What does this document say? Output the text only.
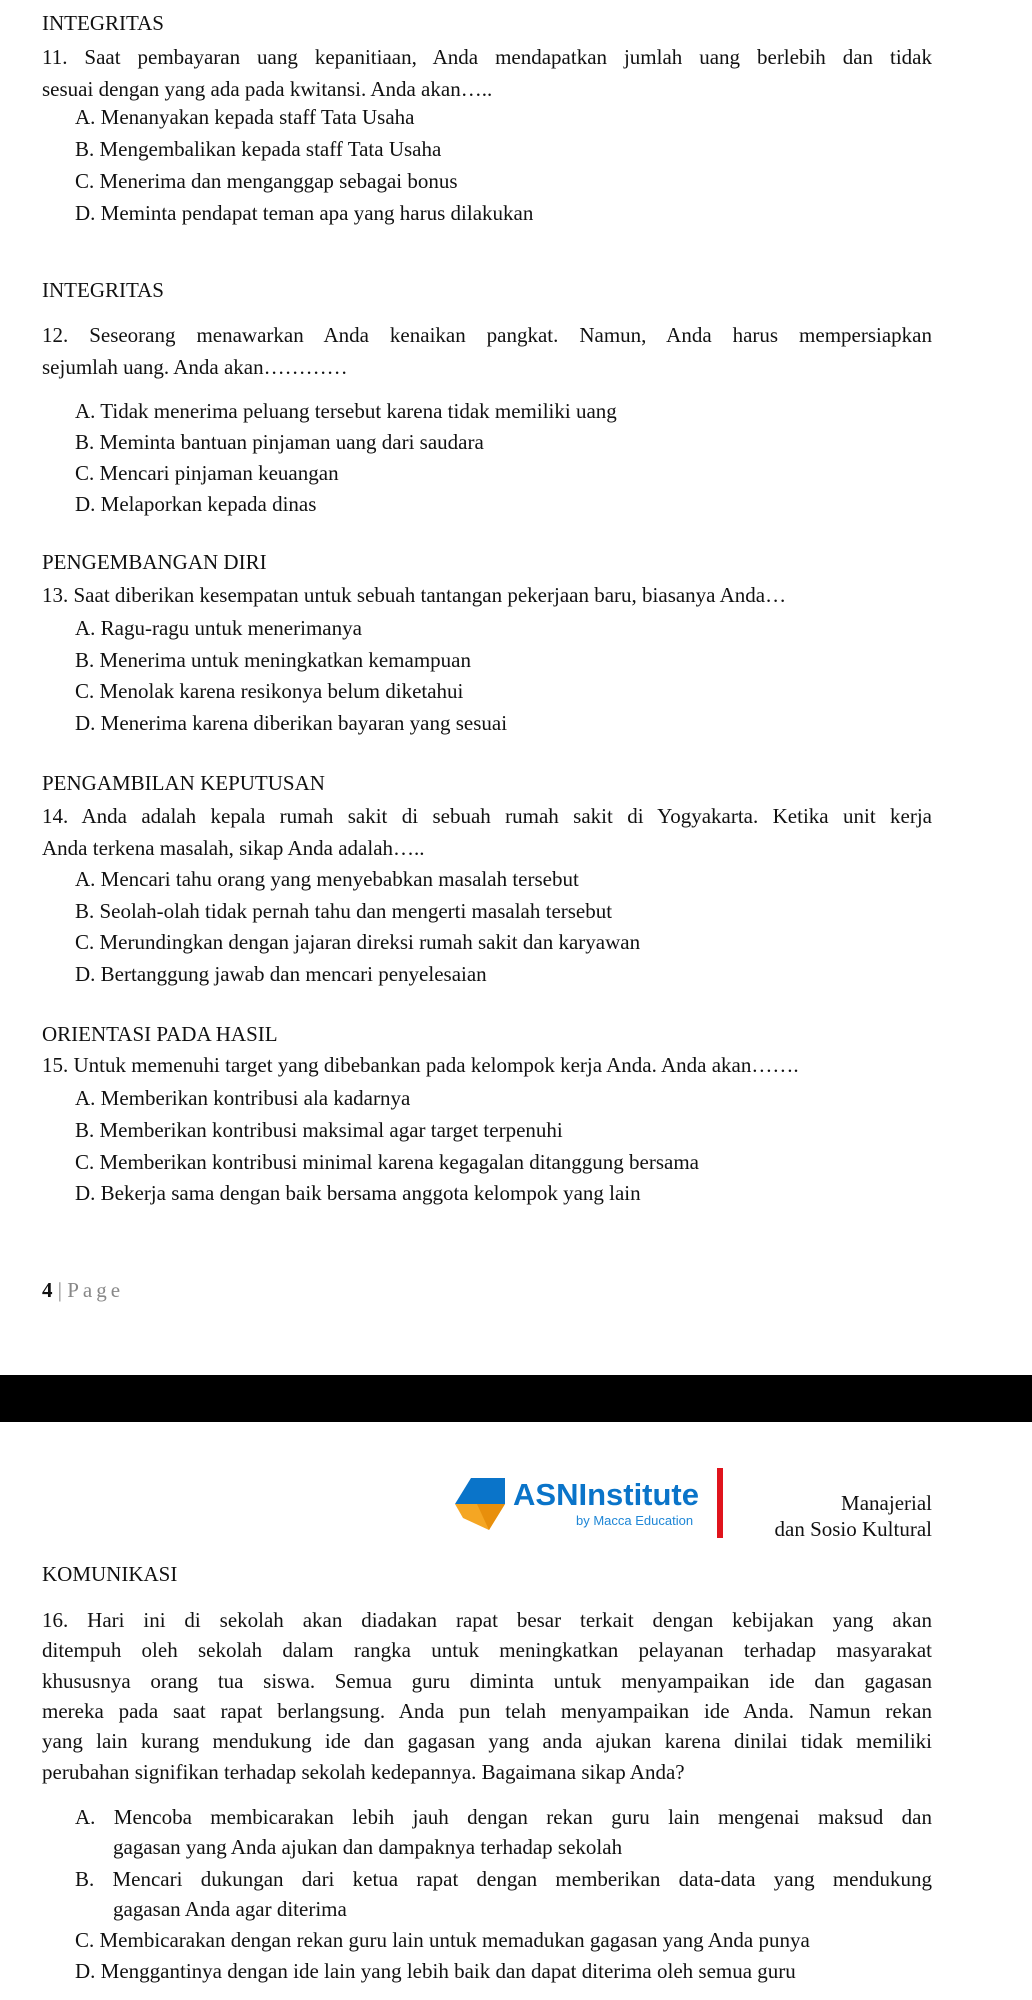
INTEGRITAS
11. Saat pembayaran uang kepanitiaan, Anda mendapatkan jumlah uang berlebih dan tidak
sesuai dengan yang ada pada kwitansi. Anda akan…..
A. Menanyakan kepada staff Tata Usaha
B. Mengembalikan kepada staff Tata Usaha
C. Menerima dan menganggap sebagai bonus
D. Meminta pendapat teman apa yang harus dilakukan
INTEGRITAS
12. Seseorang menawarkan Anda kenaikan pangkat. Namun, Anda harus mempersiapkan
sejumlah uang. Anda akan…………
A. Tidak menerima peluang tersebut karena tidak memiliki uang
B. Meminta bantuan pinjaman uang dari saudara
C. Mencari pinjaman keuangan
D. Melaporkan kepada dinas
PENGEMBANGAN DIRI
13. Saat diberikan kesempatan untuk sebuah tantangan pekerjaan baru, biasanya Anda…
A. Ragu-ragu untuk menerimanya
B. Menerima untuk meningkatkan kemampuan
C. Menolak karena resikonya belum diketahui
D. Menerima karena diberikan bayaran yang sesuai
PENGAMBILAN KEPUTUSAN
14. Anda adalah kepala rumah sakit di sebuah rumah sakit di Yogyakarta. Ketika unit kerja
Anda terkena masalah, sikap Anda adalah…..
A. Mencari tahu orang yang menyebabkan masalah tersebut
B. Seolah-olah tidak pernah tahu dan mengerti masalah tersebut
C. Merundingkan dengan jajaran direksi rumah sakit dan karyawan
D. Bertanggung jawab dan mencari penyelesaian
ORIENTASI PADA HASIL
15. Untuk memenuhi target yang dibebankan pada kelompok kerja Anda. Anda akan…….
A. Memberikan kontribusi ala kadarnya
B. Memberikan kontribusi maksimal agar target terpenuhi
C. Memberikan kontribusi minimal karena kegagalan ditanggung bersama
D. Bekerja sama dengan baik bersama anggota kelompok yang lain
4 | Page
ASNInstitute
by Macca Education
Manajerial
dan Sosio Kultural
KOMUNIKASI
16. Hari ini di sekolah akan diadakan rapat besar terkait dengan kebijakan yang akan
ditempuh oleh sekolah dalam rangka untuk meningkatkan pelayanan terhadap masyarakat
khususnya orang tua siswa. Semua guru diminta untuk menyampaikan ide dan gagasan
mereka pada saat rapat berlangsung. Anda pun telah menyampaikan ide Anda. Namun rekan
yang lain kurang mendukung ide dan gagasan yang anda ajukan karena dinilai tidak memiliki
perubahan signifikan terhadap sekolah kedepannya. Bagaimana sikap Anda?
A. Mencoba membicarakan lebih jauh dengan rekan guru lain mengenai maksud dan
gagasan yang Anda ajukan dan dampaknya terhadap sekolah
B. Mencari dukungan dari ketua rapat dengan memberikan data-data yang mendukung
gagasan Anda agar diterima
C. Membicarakan dengan rekan guru lain untuk memadukan gagasan yang Anda punya
D. Menggantinya dengan ide lain yang lebih baik dan dapat diterima oleh semua guru
